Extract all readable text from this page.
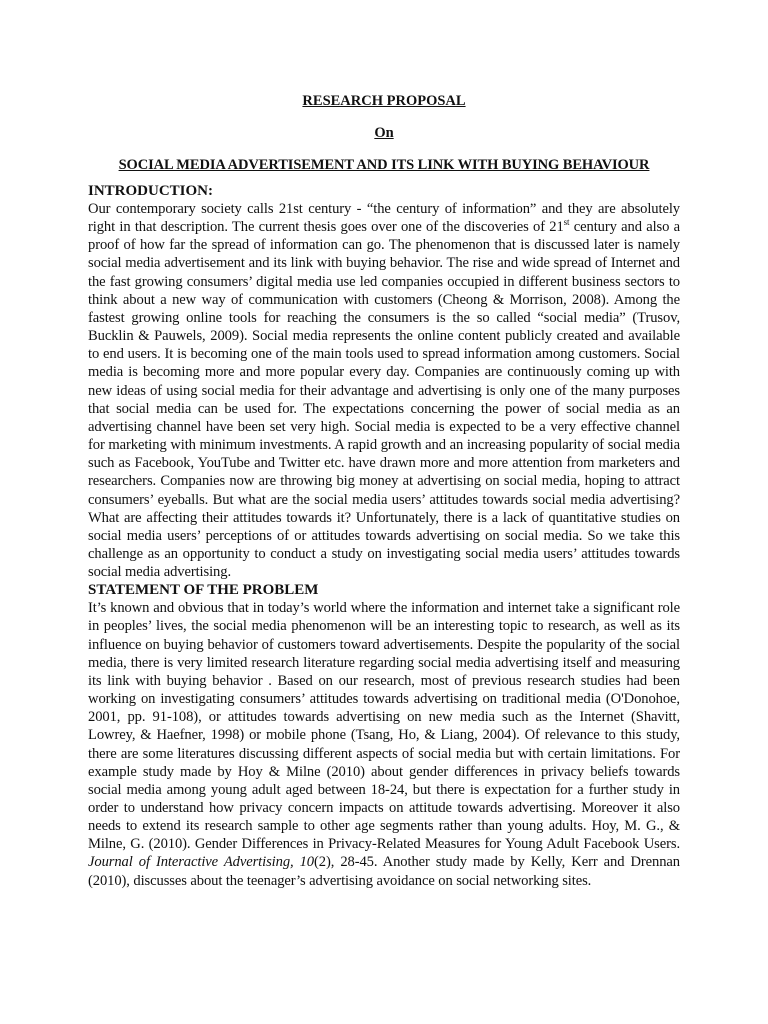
RESEARCH PROPOSAL

On

SOCIAL MEDIA ADVERTISEMENT AND ITS LINK WITH BUYING BEHAVIOUR

INTRODUCTION:

Our contemporary society calls 21st century - “the century of information” and they are absolutely right in that description. The current thesis goes over one of the discoveries of 21st century and also a proof of how far the spread of information can go. The phenomenon that is discussed later is namely social media advertisement and its link with buying behavior. The rise and wide spread of Internet and the fast growing consumers’ digital media use led companies occupied in different business sectors to think about a new way of communication with customers (Cheong & Morrison, 2008). Among the fastest growing online tools for reaching the consumers is the so called “social media” (Trusov, Bucklin & Pauwels, 2009). Social media represents the online content publicly created and available to end users. It is becoming one of the main tools used to spread information among customers. Social media is becoming more and more popular every day. Companies are continuously coming up with new ideas of using social media for their advantage and advertising is only one of the many purposes that social media can be used for. The expectations concerning the power of social media as an advertising channel have been set very high. Social media is expected to be a very effective channel for marketing with minimum investments. A rapid growth and an increasing popularity of social media such as Facebook, YouTube and Twitter etc. have drawn more and more attention from marketers and researchers. Companies now are throwing big money at advertising on social media, hoping to attract consumers’ eyeballs. But what are the social media users’ attitudes towards social media advertising? What are affecting their attitudes towards it? Unfortunately, there is a lack of quantitative studies on social media users’ perceptions of or attitudes towards advertising on social media. So we take this challenge as an opportunity to conduct a study on investigating social media users’ attitudes towards social media advertising.

STATEMENT OF THE PROBLEM

It’s known and obvious that in today’s world where the information and internet take a significant role in peoples’ lives, the social media phenomenon will be an interesting topic to research, as well as its influence on buying behavior of customers toward advertisements. Despite the popularity of the social media, there is very limited research literature regarding social media advertising itself and measuring its link with buying behavior . Based on our research, most of previous research studies had been working on investigating consumers’ attitudes towards advertising on traditional media (O'Donohoe, 2001, pp. 91-108), or attitudes towards advertising on new media such as the Internet (Shavitt, Lowrey, & Haefner, 1998) or mobile phone (Tsang, Ho, & Liang, 2004). Of relevance to this study, there are some literatures discussing different aspects of social media but with certain limitations. For example study made by Hoy & Milne (2010) about gender differences in privacy beliefs towards social media among young adult aged between 18-24, but there is expectation for a further study in order to understand how privacy concern impacts on attitude towards advertising. Moreover it also needs to extend its research sample to other age segments rather than young adults. Hoy, M. G., & Milne, G. (2010). Gender Differences in Privacy-Related Measures for Young Adult Facebook Users. Journal of Interactive Advertising, 10(2), 28-45. Another study made by Kelly, Kerr and Drennan (2010), discusses about the teenager’s advertising avoidance on social networking sites.
